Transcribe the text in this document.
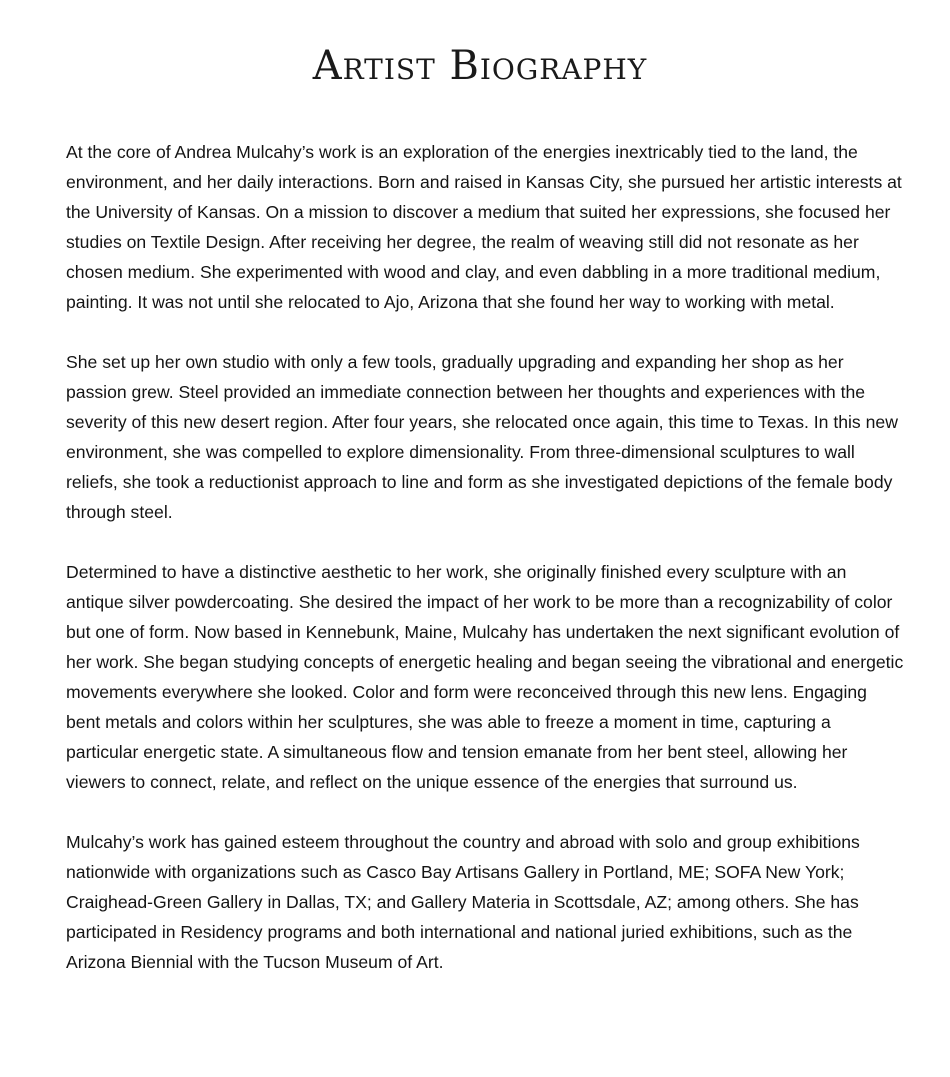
Artist Biography

At the core of Andrea Mulcahy’s work is an exploration of the energies inextricably tied to the land, the environment, and her daily interactions. Born and raised in Kansas City, she pursued her artistic interests at the University of Kansas. On a mission to discover a medium that suited her expressions, she focused her studies on Textile Design. After receiving her degree, the realm of weaving still did not resonate as her chosen medium. She experimented with wood and clay, and even dabbling in a more traditional medium, painting. It was not until she relocated to Ajo, Arizona that she found her way to working with metal.

She set up her own studio with only a few tools, gradually upgrading and expanding her shop as her passion grew. Steel provided an immediate connection between her thoughts and experiences with the severity of this new desert region. After four years, she relocated once again, this time to Texas. In this new environment, she was compelled to explore dimensionality. From three-dimensional sculptures to wall reliefs, she took a reductionist approach to line and form as she investigated depictions of the female body through steel.

Determined to have a distinctive aesthetic to her work, she originally finished every sculpture with an antique silver powdercoating. She desired the impact of her work to be more than a recognizability of color but one of form. Now based in Kennebunk, Maine, Mulcahy has undertaken the next significant evolution of her work. She began studying concepts of energetic healing and began seeing the vibrational and energetic movements everywhere she looked. Color and form were reconceived through this new lens. Engaging bent metals and colors within her sculptures, she was able to freeze a moment in time, capturing a particular energetic state. A simultaneous flow and tension emanate from her bent steel, allowing her viewers to connect, relate, and reflect on the unique essence of the energies that surround us.

Mulcahy’s work has gained esteem throughout the country and abroad with solo and group exhibitions nationwide with organizations such as Casco Bay Artisans Gallery in Portland, ME; SOFA New York; Craighead-Green Gallery in Dallas, TX; and Gallery Materia in Scottsdale, AZ; among others. She has participated in Residency programs and both international and national juried exhibitions, such as the Arizona Biennial with the Tucson Museum of Art.
